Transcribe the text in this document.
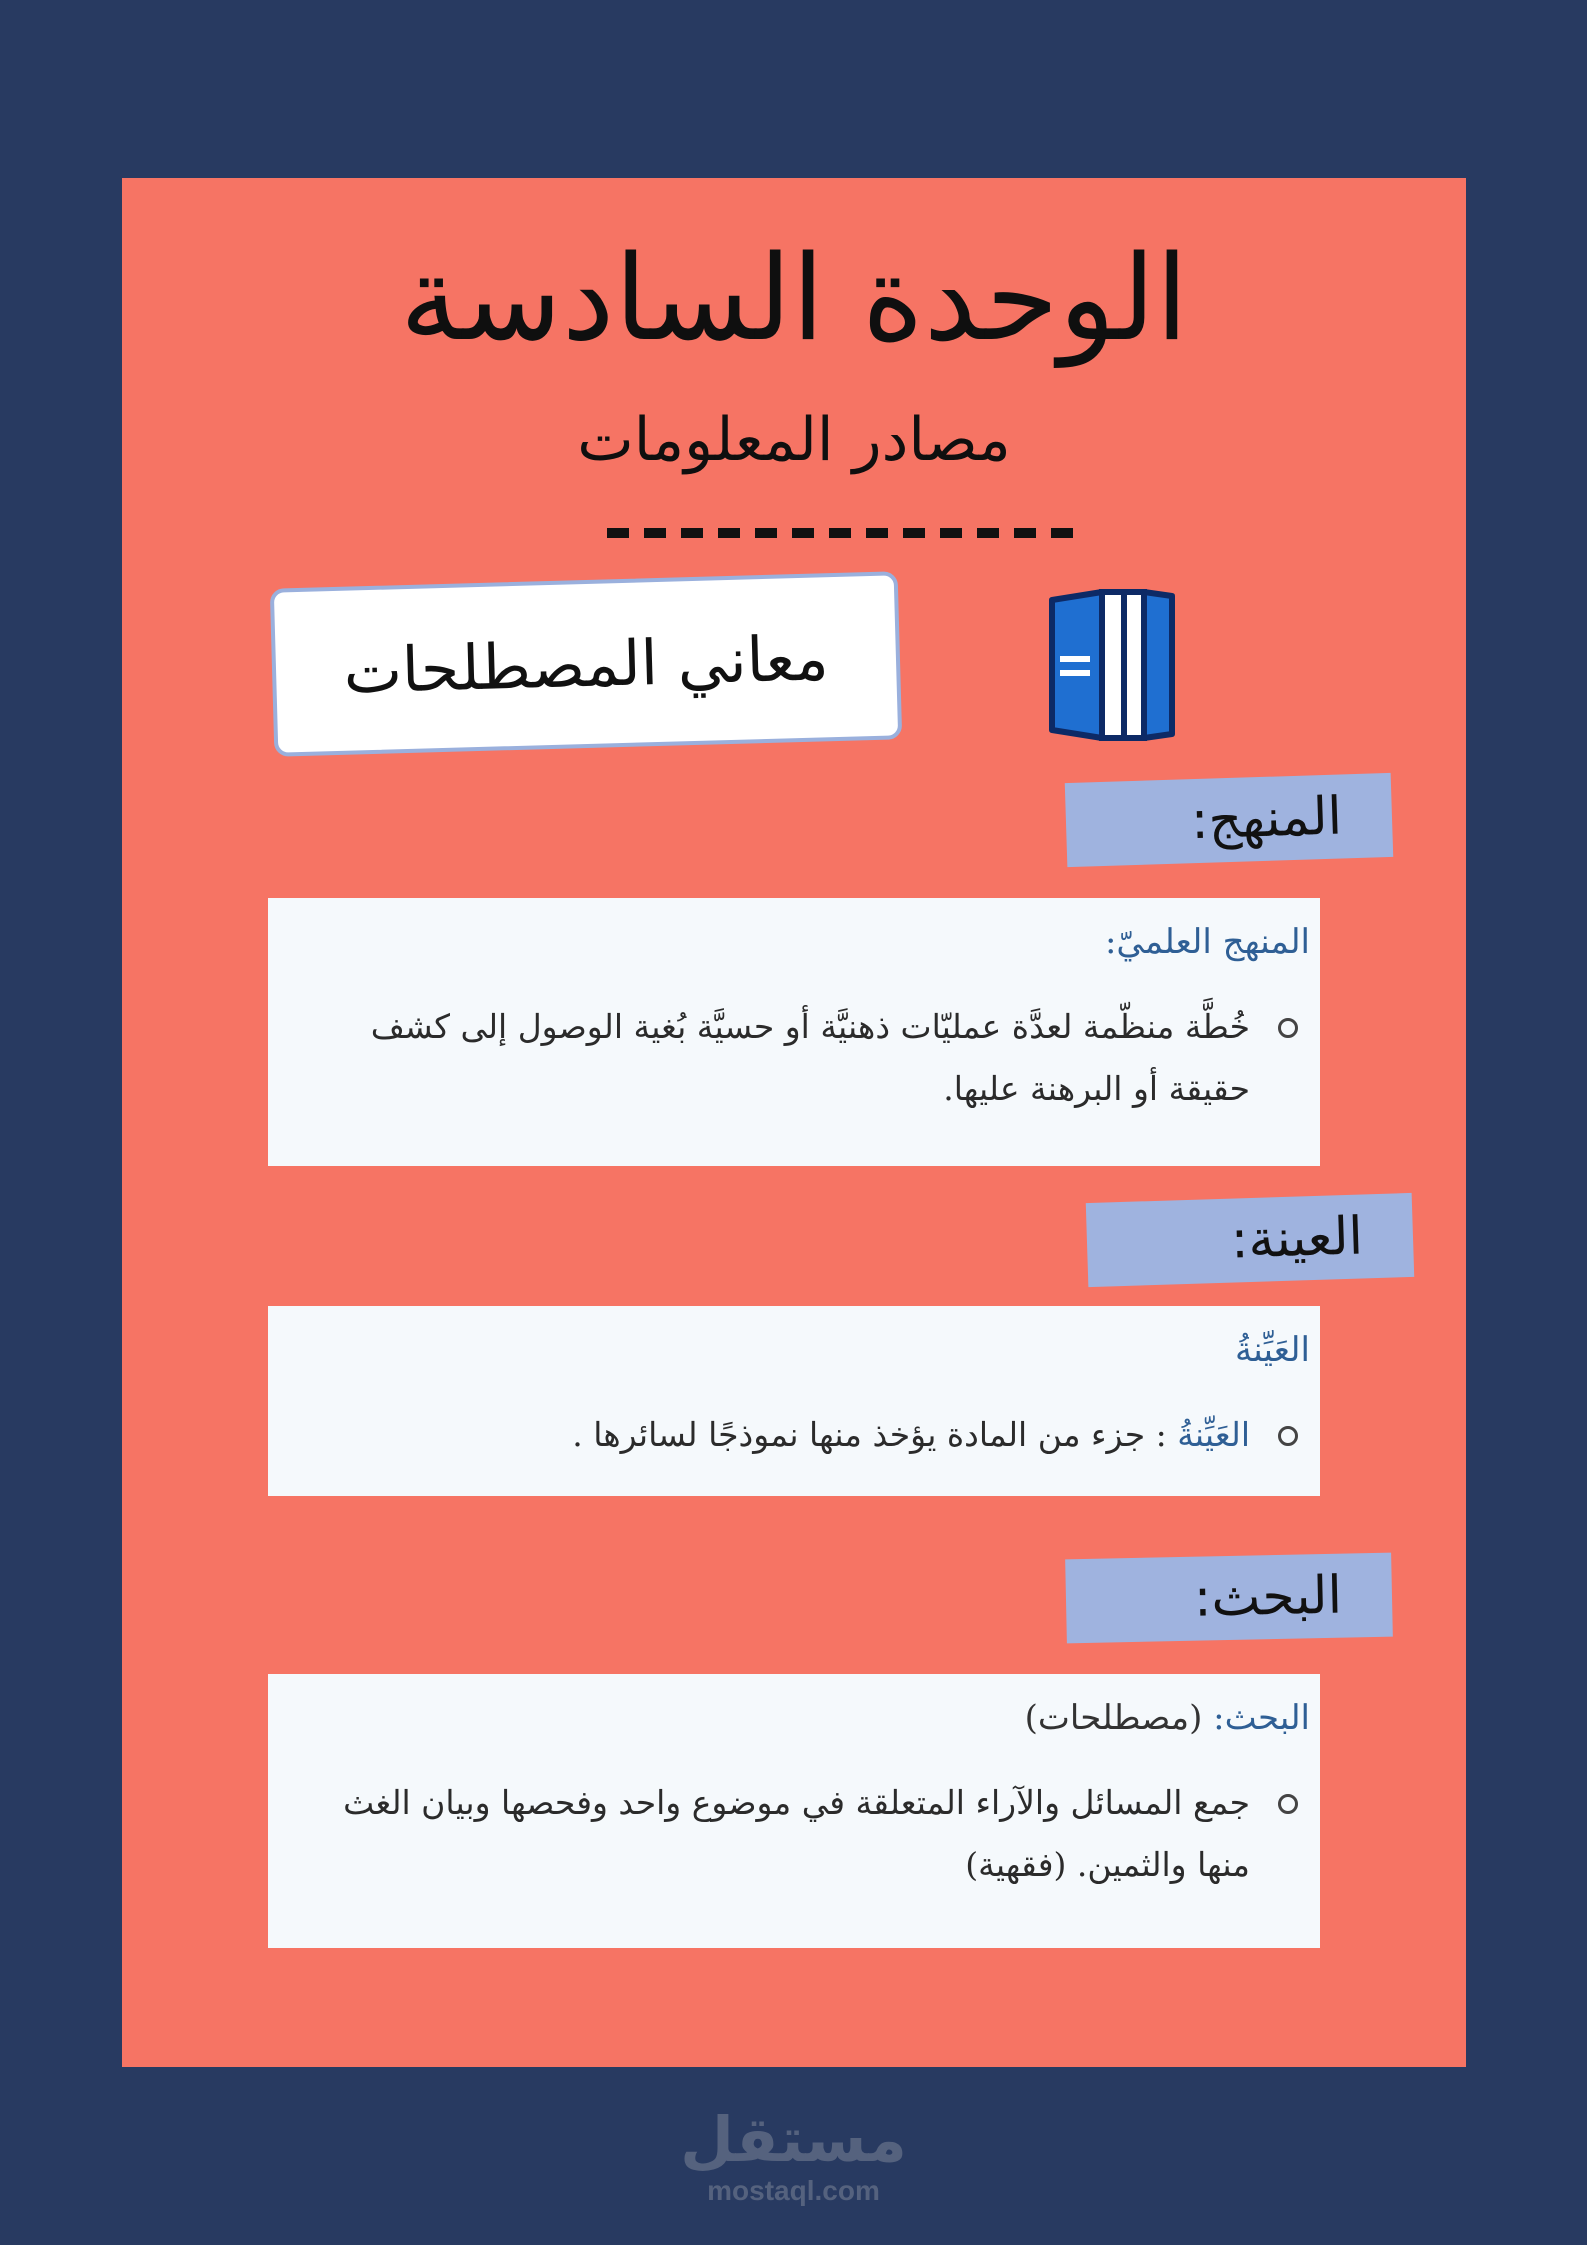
الوحدة السادسة
مصادر المعلومات
معاني المصطلحات
المنهج:
المنهج العلميّ:
خُطَّة منظّمة لعدَّة عمليّات ذهنيَّة أو حسيَّة بُغية الوصول إلى كشف حقيقة أو البرهنة عليها.
العينة:
العَيِّنةُ
العَيِّنةُ : جزء من المادة يؤخذ منها نموذجًا لسائرها .
البحث:
البحث: (مصطلحات)
جمع المسائل والآراء المتعلقة في موضوع واحد وفحصها وبيان الغث منها والثمين. (فقهية)
مستقل
mostaql.com
